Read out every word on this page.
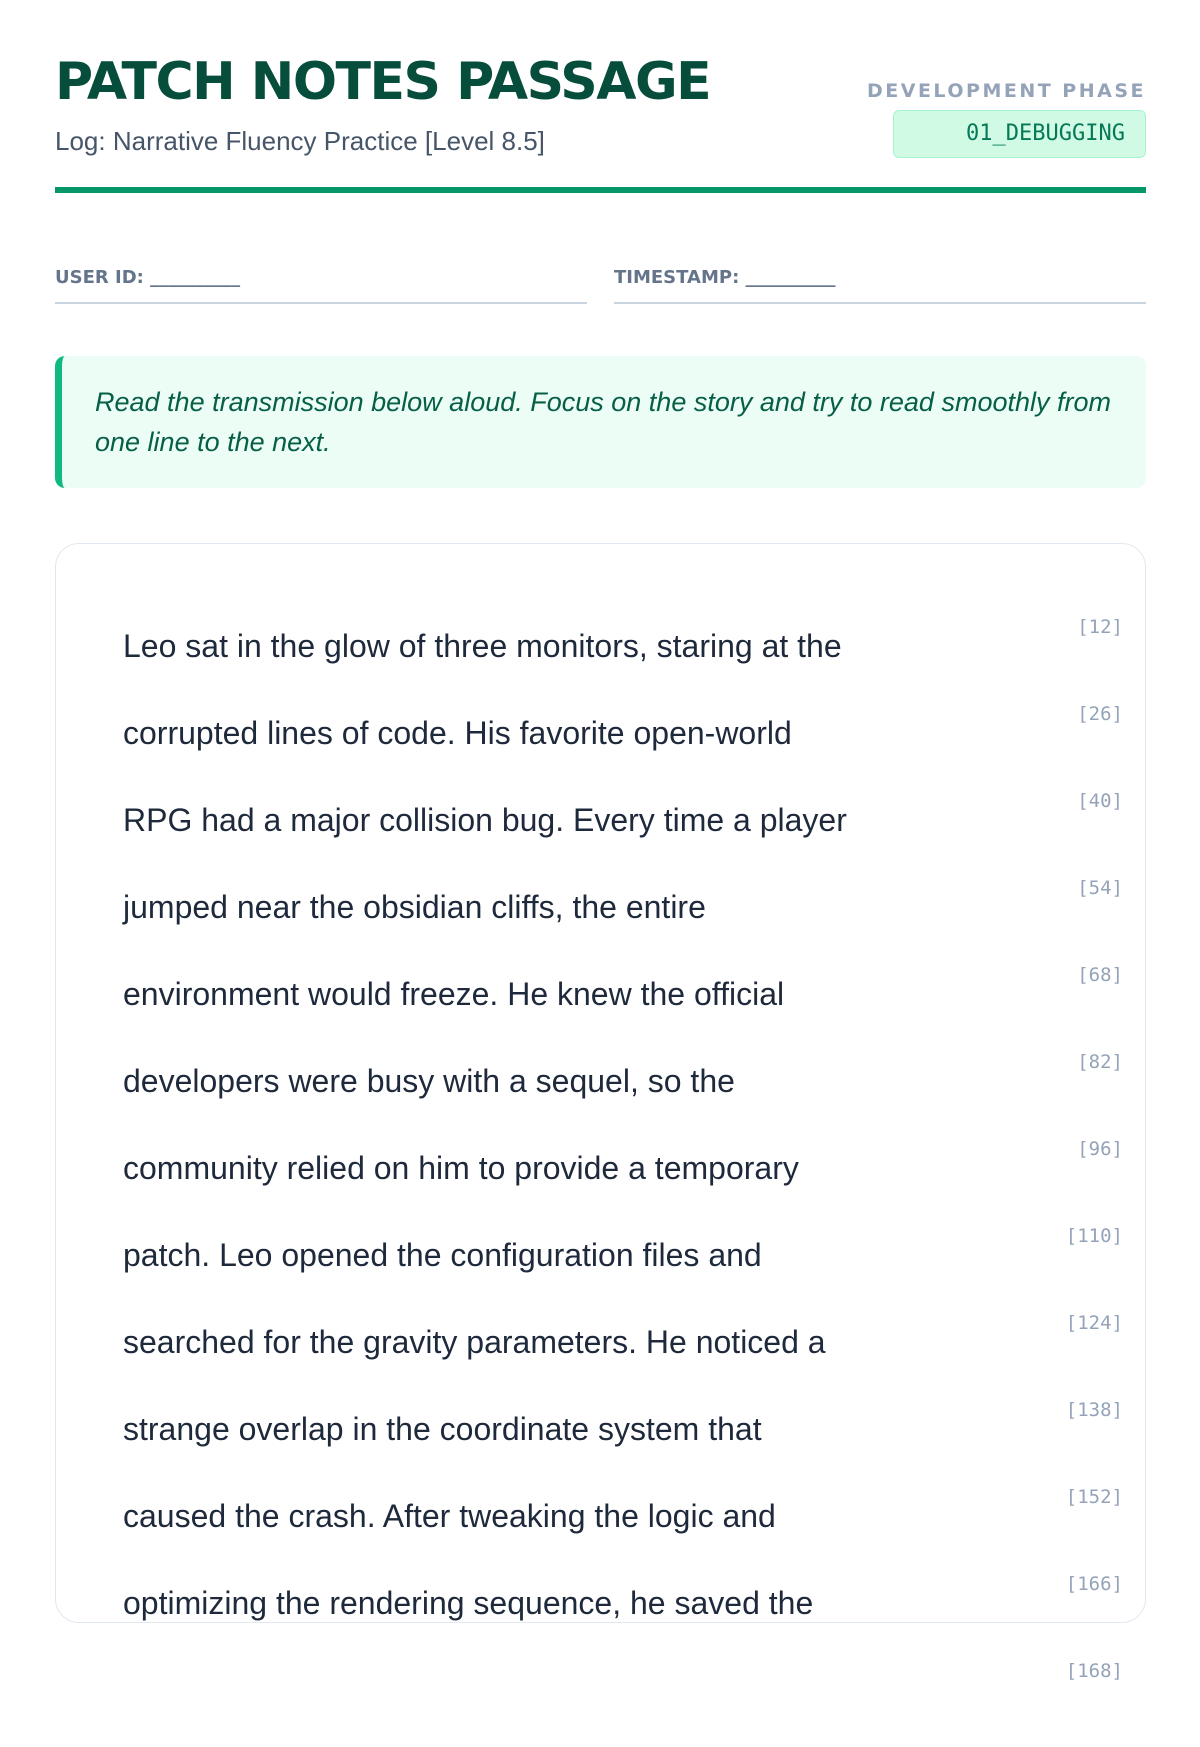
PATCH NOTES PASSAGE
Log: Narrative Fluency Practice [Level 8.5]
DEVELOPMENT PHASE
01_DEBUGGING
USER ID: __________	TIMESTAMP: __________
Read the transmission below aloud. Focus on the story and try to read smoothly from one line to the next.
Leo sat in the glow of three monitors, staring at the
[12]
corrupted lines of code. His favorite open-world
[26]
RPG had a major collision bug. Every time a player
[40]
jumped near the obsidian cliffs, the entire
[54]
environment would freeze. He knew the official
[68]
developers were busy with a sequel, so the
[82]
community relied on him to provide a temporary
[96]
patch. Leo opened the configuration files and
[110]
searched for the gravity parameters. He noticed a
[124]
strange overlap in the coordinate system that
[138]
caused the crash. After tweaking the logic and
[152]
optimizing the rendering sequence, he saved the
[166]
[168]
